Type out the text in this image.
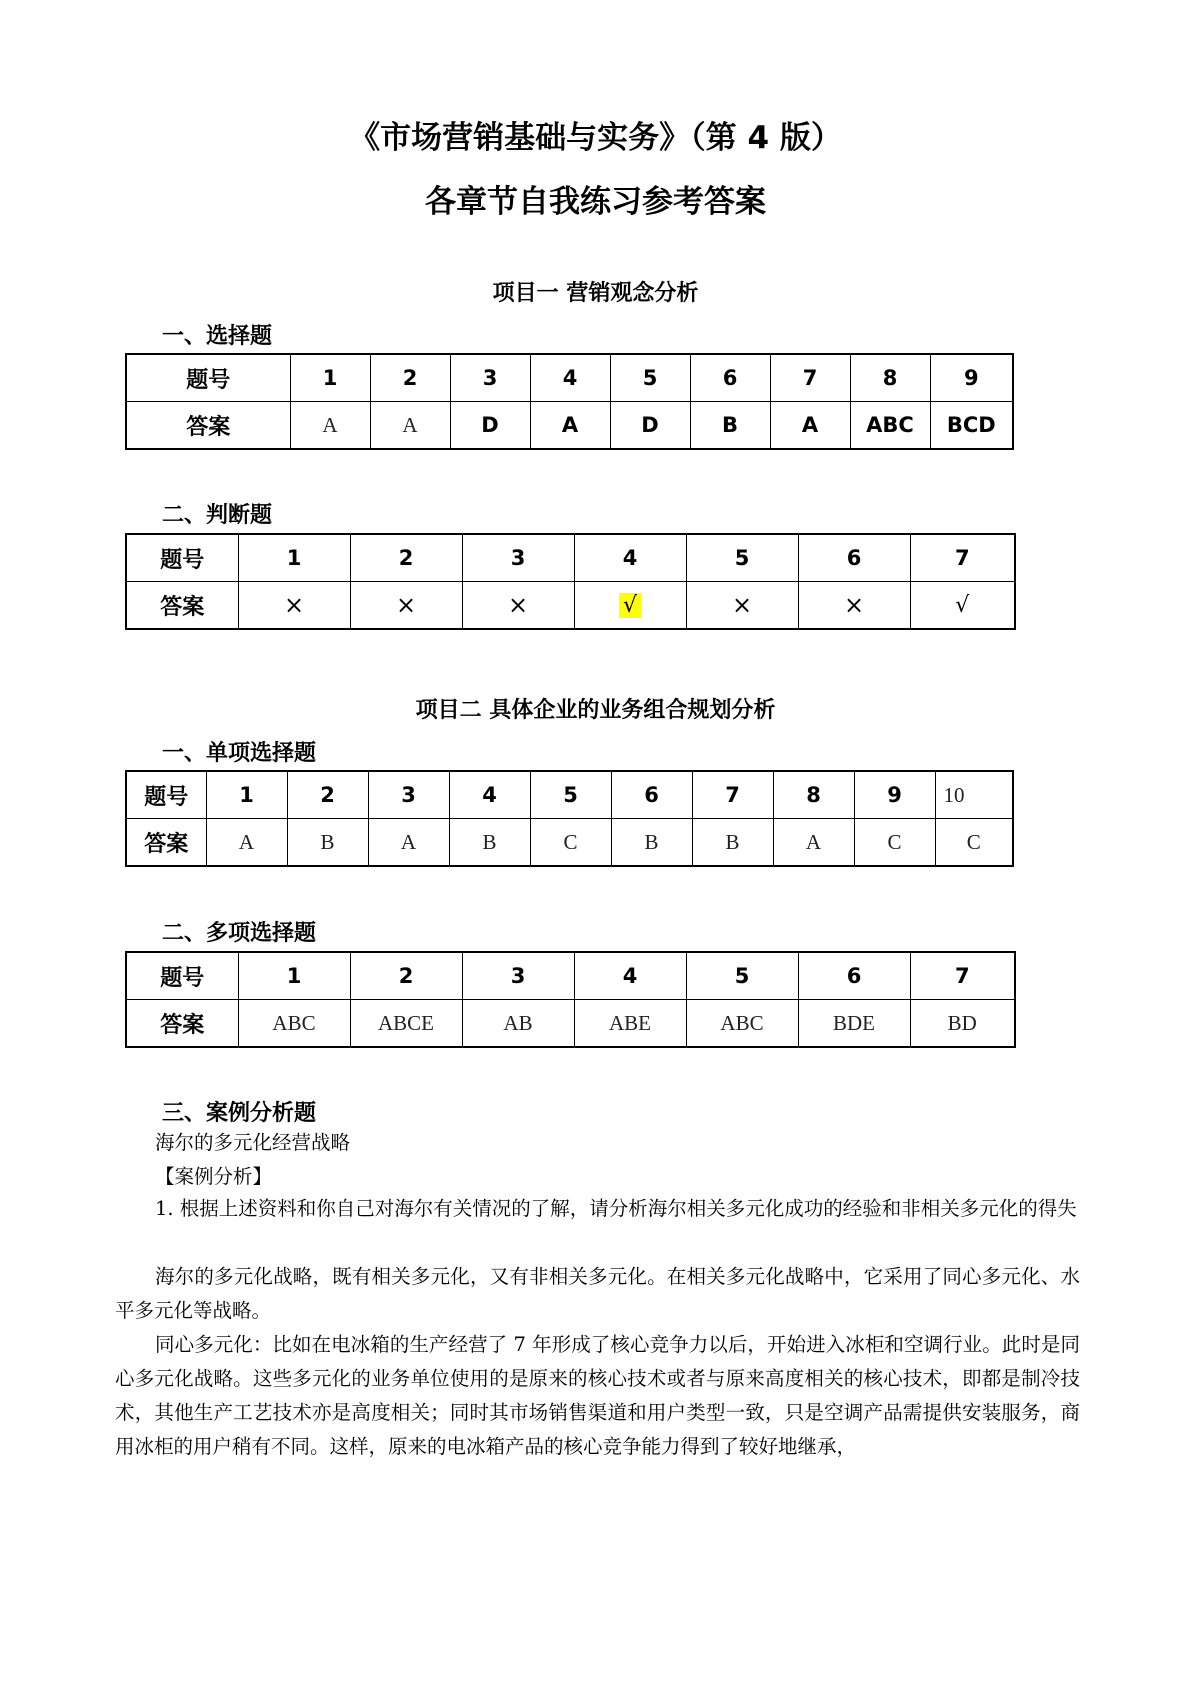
《市场营销基础与实务》（第 4 版）
各章节自我练习参考答案
项目一 营销观念分析
一、选择题
题号	1	2	3	4	5	6	7	8	9
答案	A	A	D	A	D	B	A	ABC	BCD
二、判断题
题号	1	2	3	4	5	6	7
答案	×	×	×	√	×	×	√
项目二 具体企业的业务组合规划分析
一、单项选择题
题号	1	2	3	4	5	6	7	8	9	10
答案	A	B	A	B	C	B	B	A	C	C
二、多项选择题
题号	1	2	3	4	5	6	7
答案	ABC	ABCE	AB	ABE	ABC	BDE	BD
三、案例分析题
海尔的多元化经营战略
【案例分析】
1. 根据上述资料和你自己对海尔有关情况的了解，请分析海尔相关多元化成功的经验和非相关多元化的得失
海尔的多元化战略，既有相关多元化，又有非相关多元化。在相关多元化战略中，它采用了同心多元化、水平多元化等战略。
同心多元化：比如在电冰箱的生产经营了 7 年形成了核心竞争力以后，开始进入冰柜和空调行业。此时是同心多元化战略。这些多元化的业务单位使用的是原来的核心技术或者与原来高度相关的核心技术，即都是制冷技术，其他生产工艺技术亦是高度相关；同时其市场销售渠道和用户类型一致，只是空调产品需提供安装服务，商用冰柜的用户稍有不同。这样，原来的电冰箱产品的核心竞争能力得到了较好地继承，
